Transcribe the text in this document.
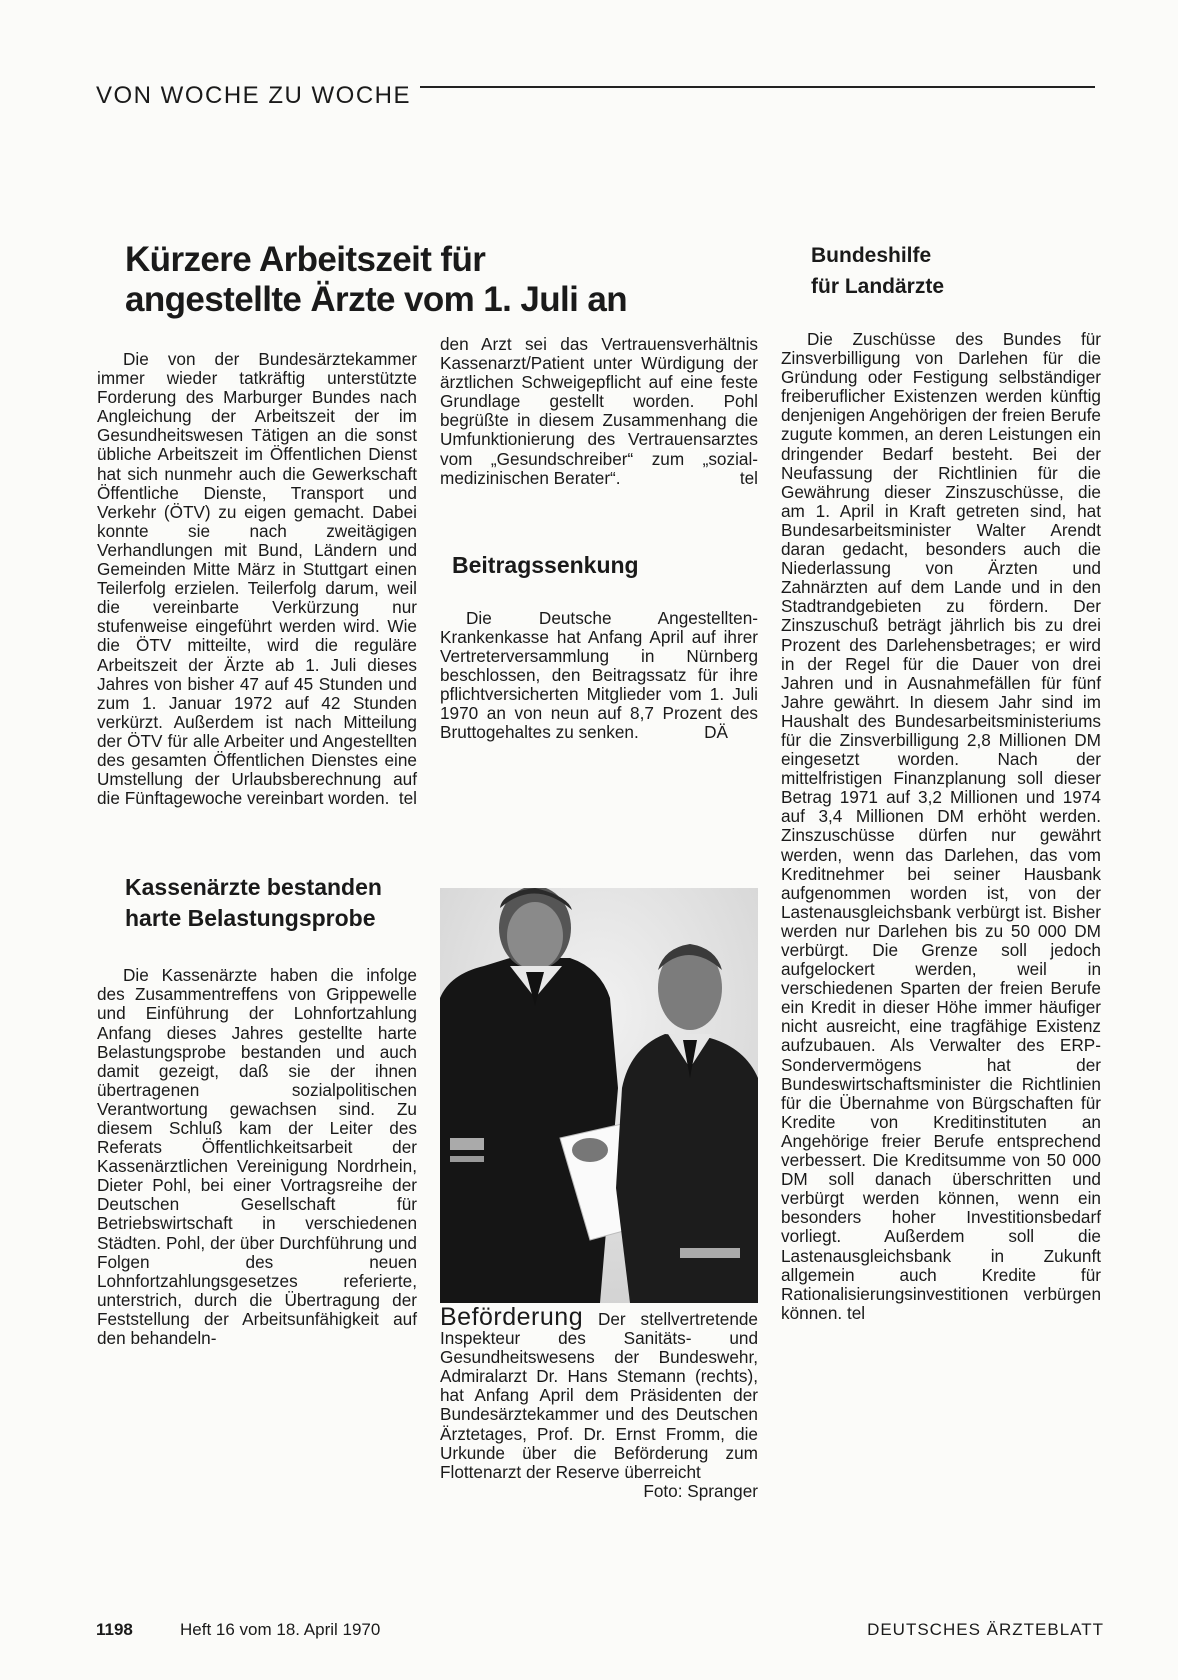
VON WOCHE ZU WOCHE
Kürzere Arbeitszeit für
angestellte Ärzte vom 1. Juli an

Die von der Bundesärztekammer immer wieder tatkräftig unterstützte Forderung des Marburger Bundes nach Angleichung der Arbeitszeit der im Gesundheitswesen Tätigen an die sonst übliche Arbeitszeit im Öffentlichen Dienst hat sich nunmehr auch die Gewerkschaft Öffentliche Dienste, Transport und Verkehr (ÖTV) zu eigen gemacht. Dabei konnte sie nach zweitägigen Verhandlungen mit Bund, Ländern und Gemeinden Mitte März in Stuttgart einen Teilerfolg erzielen. Teilerfolg darum, weil die vereinbarte Verkürzung nur stufenweise eingeführt werden wird. Wie die ÖTV mitteilte, wird die reguläre Arbeitszeit der Ärzte ab 1. Juli dieses Jahres von bisher 47 auf 45 Stunden und zum 1. Januar 1972 auf 42 Stunden verkürzt. Außerdem ist nach Mitteilung der ÖTV für alle Arbeiter und Angestellten des gesamten Öffentlichen Dienstes eine Umstellung der Urlaubsberechnung auf die Fünftagewoche vereinbart worden. tel

Kassenärzte bestanden
harte Belastungsprobe

Die Kassenärzte haben die infolge des Zusammentreffens von Grippewelle und Einführung der Lohnfortzahlung Anfang dieses Jahres gestellte harte Belastungsprobe bestanden und auch damit gezeigt, daß sie der ihnen übertragenen sozialpolitischen Verantwortung gewachsen sind. Zu diesem Schluß kam der Leiter des Referats Öffentlichkeitsarbeit der Kassenärztlichen Vereinigung Nordrhein, Dieter Pohl, bei einer Vortragsreihe der Deutschen Gesellschaft für Betriebswirtschaft in verschiedenen Städten. Pohl, der über Durchführung und Folgen des neuen Lohnfortzahlungsgesetzes referierte, unterstrich, durch die Übertragung der Feststellung der Arbeitsunfähigkeit auf den behandeln-

den Arzt sei das Vertrauensverhältnis Kassenarzt/Patient unter Würdigung der ärztlichen Schweigepflicht auf eine feste Grundlage gestellt worden. Pohl begrüßte in diesem Zusammenhang die Umfunktionierung des Vertrauensarztes vom „Gesundschreiber“ zum „sozial-medizinischen Berater“.	tel

Beitragssenkung

Die Deutsche Angestellten-Krankenkasse hat Anfang April auf ihrer Vertreterversammlung in Nürnberg beschlossen, den Beitragssatz für ihre pflichtversicherten Mitglieder vom 1. Juli 1970 an von neun auf 8,7 Prozent des Bruttogehaltes zu senken.	DÄ

Beförderung Der stellvertretende Inspekteur des Sanitäts- und Gesundheitswesens der Bundeswehr, Admiralarzt Dr. Hans Stemann (rechts), hat Anfang April dem Präsidenten der Bundesärztekammer und des Deutschen Ärztetages, Prof. Dr. Ernst Fromm, die Urkunde über die Beförderung zum Flottenarzt der Reserve überreicht
Foto: Spranger

Bundeshilfe
für Landärzte

Die Zuschüsse des Bundes für Zinsverbilligung von Darlehen für die Gründung oder Festigung selbständiger freiberuflicher Existenzen werden künftig denjenigen Angehörigen der freien Berufe zugute kommen, an deren Leistungen ein dringender Bedarf besteht. Bei der Neufassung der Richtlinien für die Gewährung dieser Zinszuschüsse, die am 1. April in Kraft getreten sind, hat Bundesarbeitsminister Walter Arendt daran gedacht, besonders auch die Niederlassung von Ärzten und Zahnärzten auf dem Lande und in den Stadtrandgebieten zu fördern. Der Zinszuschuß beträgt jährlich bis zu drei Prozent des Darlehensbetrages; er wird in der Regel für die Dauer von drei Jahren und in Ausnahmefällen für fünf Jahre gewährt. In diesem Jahr sind im Haushalt des Bundesarbeitsministeriums für die Zinsverbilligung 2,8 Millionen DM eingesetzt worden. Nach der mittelfristigen Finanzplanung soll dieser Betrag 1971 auf 3,2 Millionen und 1974 auf 3,4 Millionen DM erhöht werden. Zinszuschüsse dürfen nur gewährt werden, wenn das Darlehen, das vom Kreditnehmer bei seiner Hausbank aufgenommen worden ist, von der Lastenausgleichsbank verbürgt ist. Bisher werden nur Darlehen bis zu 50 000 DM verbürgt. Die Grenze soll jedoch aufgelockert werden, weil in verschiedenen Sparten der freien Berufe ein Kredit in dieser Höhe immer häufiger nicht ausreicht, eine tragfähige Existenz aufzubauen. Als Verwalter des ERP-Sondervermögens hat der Bundeswirtschaftsminister die Richtlinien für die Übernahme von Bürgschaften für Kredite von Kreditinstituten an Angehörige freier Berufe entsprechend verbessert. Die Kreditsumme von 50 000 DM soll danach überschritten und verbürgt werden können, wenn ein besonders hoher Investitionsbedarf vorliegt. Außerdem soll die Lastenausgleichsbank in Zukunft allgemein auch Kredite für Rationalisierungsinvestitionen verbürgen können. tel

1198	Heft 16 vom 18. April 1970	DEUTSCHES ÄRZTEBLATT
